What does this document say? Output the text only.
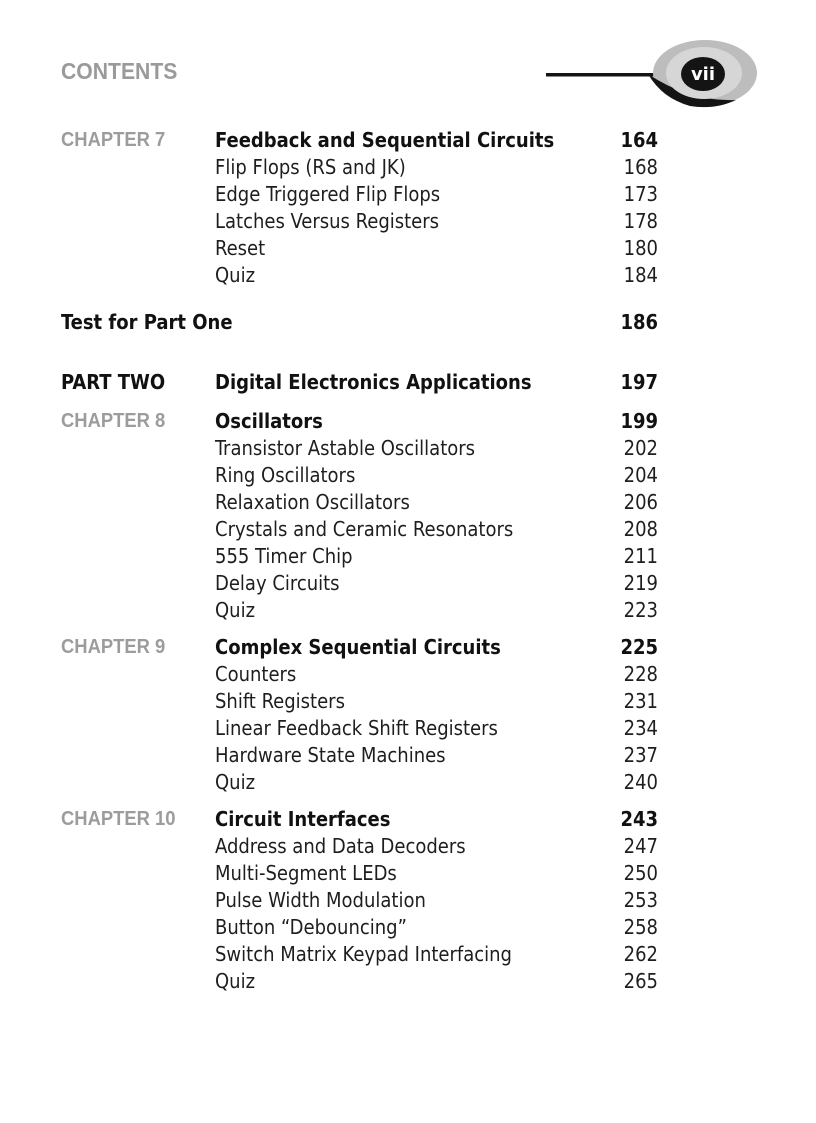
CONTENTS	vii
CHAPTER 7 Feedback and Sequential Circuits	164
Flip Flops (RS and JK)	168
Edge Triggered Flip Flops	173
Latches Versus Registers	178
Reset	180
Quiz	184
Test for Part One	186
PART TWO Digital Electronics Applications	197
CHAPTER 8 Oscillators	199
Transistor Astable Oscillators	202
Ring Oscillators	204
Relaxation Oscillators	206
Crystals and Ceramic Resonators	208
555 Timer Chip	211
Delay Circuits	219
Quiz	223
CHAPTER 9 Complex Sequential Circuits	225
Counters	228
Shift Registers	231
Linear Feedback Shift Registers	234
Hardware State Machines	237
Quiz	240
CHAPTER 10 Circuit Interfaces	243
Address and Data Decoders	247
Multi-Segment LEDs	250
Pulse Width Modulation	253
Button “Debouncing”	258
Switch Matrix Keypad Interfacing	262
Quiz	265
